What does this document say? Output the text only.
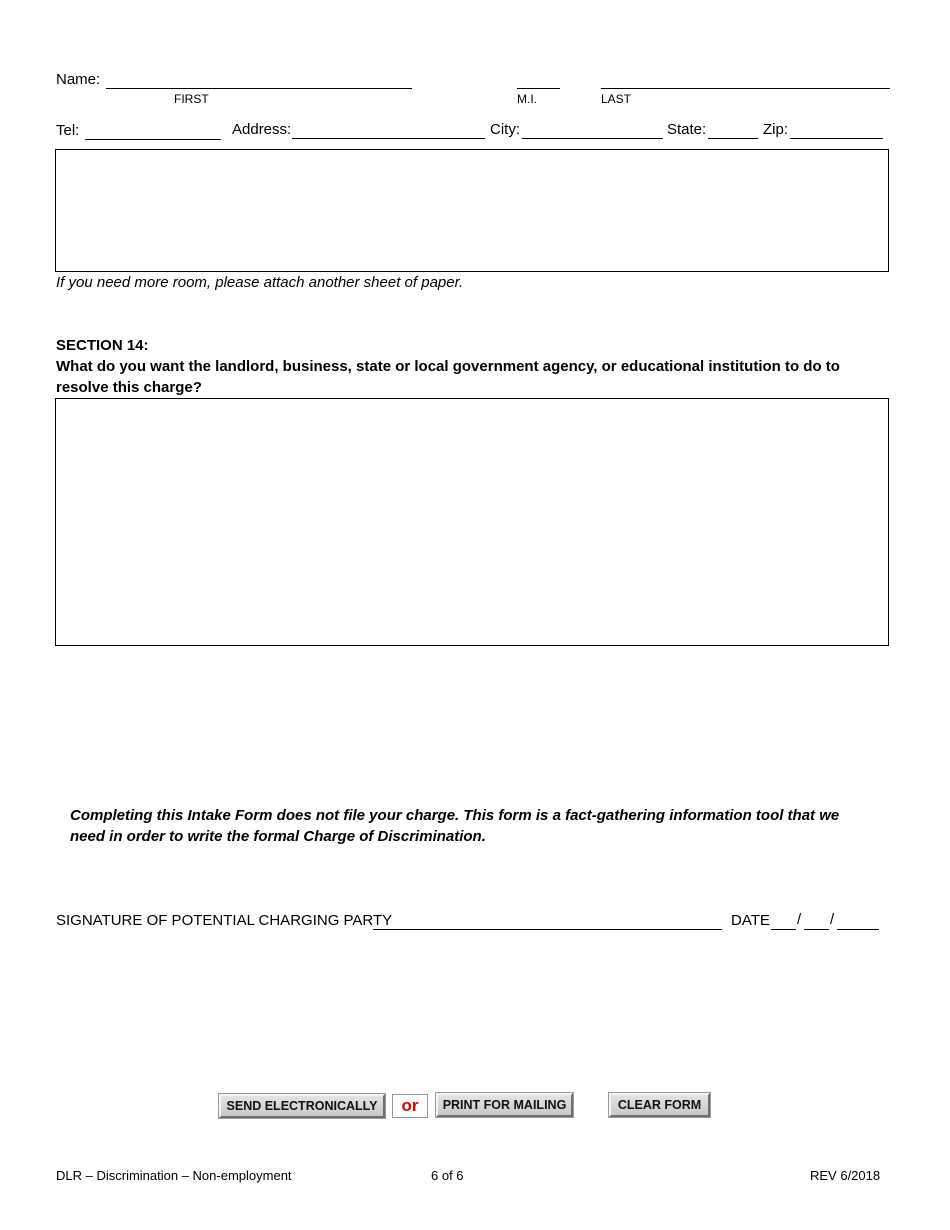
Name:
FIRST	M.I.	LAST
Tel:	Address:	City:	State:	Zip:
If you need more room, please attach another sheet of paper.
SECTION 14:
What do you want the landlord, business, state or local government agency, or educational institution to do to
resolve this charge?
Completing this Intake Form does not file your charge. This form is a fact-gathering information tool that we
need in order to write the formal Charge of Discrimination.
SIGNATURE OF POTENTIAL CHARGING PARTY	DATE / /
SEND ELECTRONICALLY	or	PRINT FOR MAILING	CLEAR FORM
DLR – Discrimination – Non-employment	6 of 6	REV 6/2018
